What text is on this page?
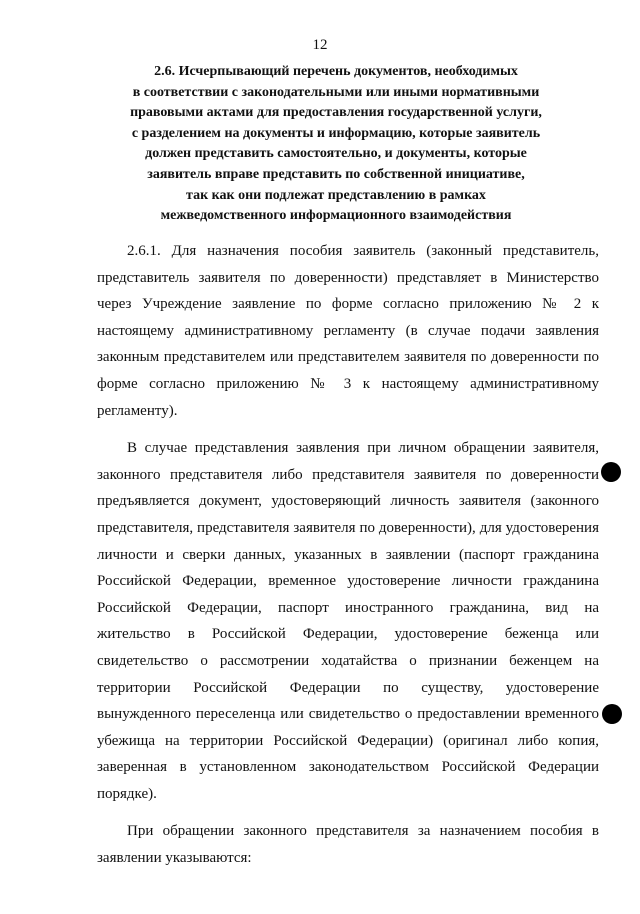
12
2.6. Исчерпывающий перечень документов, необходимых
в соответствии с законодательными или иными нормативными
правовыми актами для предоставления государственной услуги,
с разделением на документы и информацию, которые заявитель
должен представить самостоятельно, и документы, которые
заявитель вправе представить по собственной инициативе,
так как они подлежат представлению в рамках
межведомственного информационного взаимодействия

2.6.1. Для назначения пособия заявитель (законный представитель, представитель заявителя по доверенности) представляет в Министерство через Учреждение заявление по форме согласно приложению № 2 к настоящему административному регламенту (в случае подачи заявления законным представителем или представителем заявителя по доверенности по форме согласно приложению № 3 к настоящему административному регламенту).

В случае представления заявления при личном обращении заявителя, законного представителя либо представителя заявителя по доверенности предъявляется документ, удостоверяющий личность заявителя (законного представителя, представителя заявителя по доверенности), для удостоверения личности и сверки данных, указанных в заявлении (паспорт гражданина Российской Федерации, временное удостоверение личности гражданина Российской Федерации, паспорт иностранного гражданина, вид на жительство в Российской Федерации, удостоверение беженца или свидетельство о рассмотрении ходатайства о признании беженцем на территории Российской Федерации по существу, удостоверение вынужденного переселенца или свидетельство о предоставлении временного убежища на территории Российской Федерации) (оригинал либо копия, заверенная в установленном законодательством Российской Федерации порядке).

При обращении законного представителя за назначением пособия в заявлении указываются:
